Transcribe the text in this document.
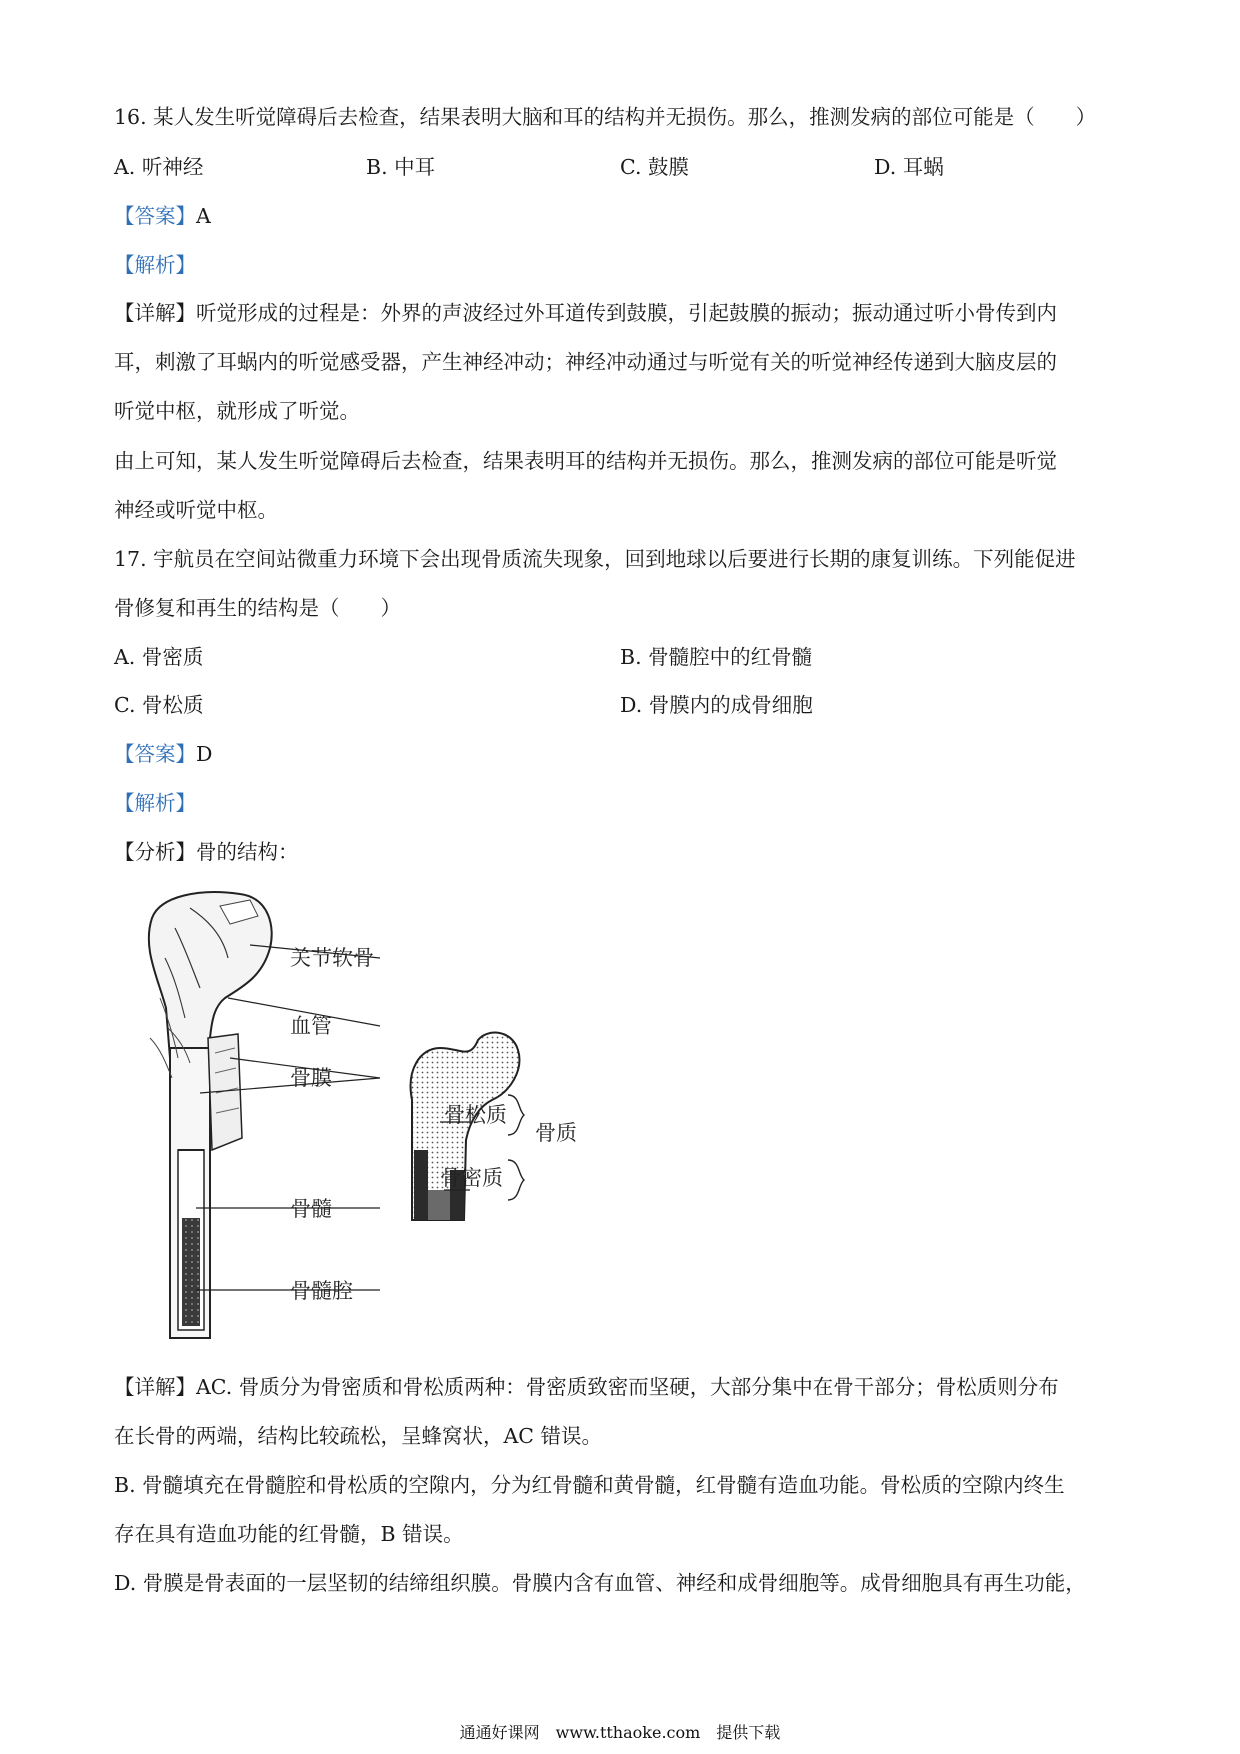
16. 某人发生听觉障碍后去检查，结果表明大脑和耳的结构并无损伤。那么，推测发病的部位可能是（　　）
A. 听神经	B. 中耳	C. 鼓膜	D. 耳蜗
【答案】A
【解析】
【详解】听觉形成的过程是：外界的声波经过外耳道传到鼓膜，引起鼓膜的振动；振动通过听小骨传到内
耳，刺激了耳蜗内的听觉感受器，产生神经冲动；神经冲动通过与听觉有关的听觉神经传递到大脑皮层的
听觉中枢，就形成了听觉。
由上可知，某人发生听觉障碍后去检查，结果表明耳的结构并无损伤。那么，推测发病的部位可能是听觉
神经或听觉中枢。
17. 宇航员在空间站微重力环境下会出现骨质流失现象，回到地球以后要进行长期的康复训练。下列能促进
骨修复和再生的结构是（　　）
A. 骨密质	B. 骨髓腔中的红骨髓
C. 骨松质	D. 骨膜内的成骨细胞
【答案】D
【解析】
【分析】骨的结构：
关节软骨
血管
骨膜
骨髓
骨髓腔
骨松质
骨密质
骨质
【详解】AC. 骨质分为骨密质和骨松质两种：骨密质致密而坚硬，大部分集中在骨干部分；骨松质则分布
在长骨的两端，结构比较疏松，呈蜂窝状，AC 错误。
B. 骨髓填充在骨髓腔和骨松质的空隙内，分为红骨髓和黄骨髓，红骨髓有造血功能。骨松质的空隙内终生
存在具有造血功能的红骨髓，B 错误。
D. 骨膜是骨表面的一层坚韧的结缔组织膜。骨膜内含有血管、神经和成骨细胞等。成骨细胞具有再生功能，
通通好课网　www.tthaoke.com　提供下载
